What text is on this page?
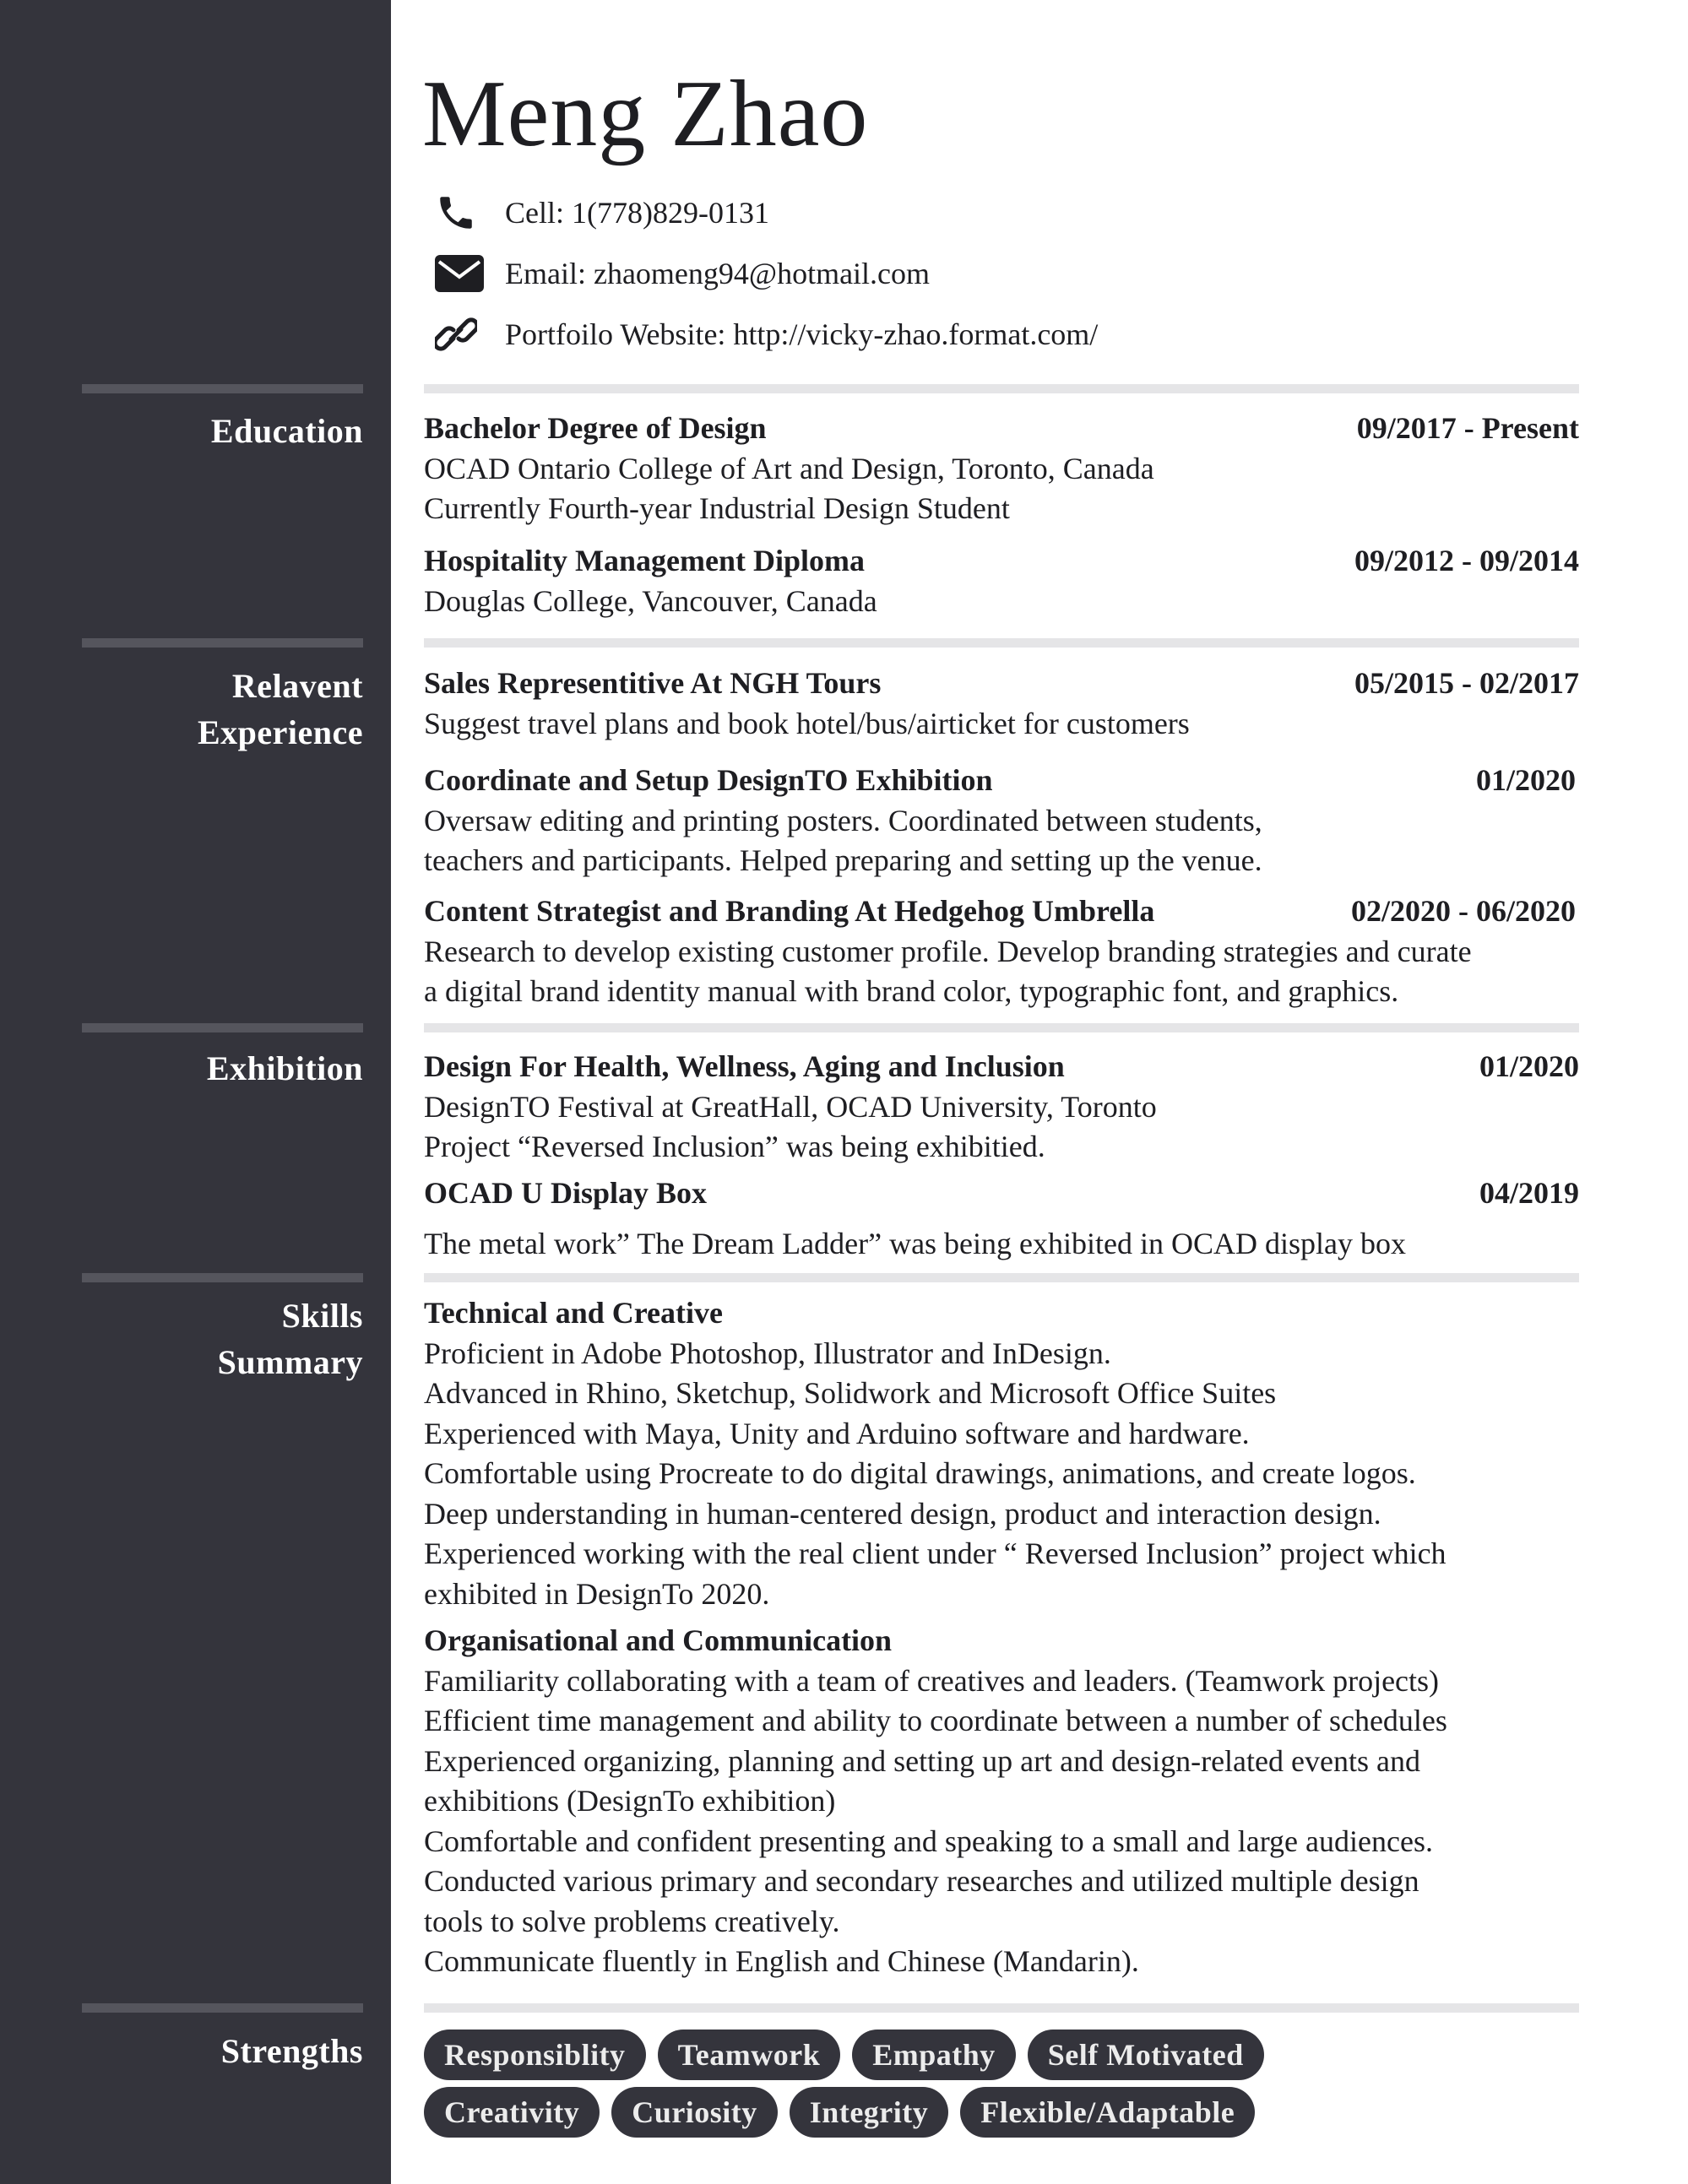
Meng Zhao
Cell: 1(778)829-0131
Email: zhaomeng94@hotmail.com
Portfoilo Website: http://vicky-zhao.format.com/
Education
Relavent
Experience
Exhibition
Skills
Summary
Strengths
Bachelor Degree of Design	09/2017 - Present
OCAD Ontario College of Art and Design, Toronto, Canada
Currently Fourth-year Industrial Design Student
Hospitality Management Diploma	09/2012 - 09/2014
Douglas College, Vancouver, Canada
Sales Representitive At NGH Tours	05/2015 - 02/2017
Suggest travel plans and book hotel/bus/airticket for customers
Coordinate and Setup DesignTO Exhibition	01/2020
Oversaw editing and printing posters. Coordinated between students,
teachers and participants. Helped preparing and setting up the venue.
Content Strategist and Branding At Hedgehog Umbrella	02/2020 - 06/2020
Research to develop existing customer profile. Develop branding strategies and curate
a digital brand identity manual with brand color, typographic font, and graphics.
Design For Health, Wellness, Aging and Inclusion	01/2020
DesignTO Festival at GreatHall, OCAD University, Toronto
Project “Reversed Inclusion” was being exhibitied.
OCAD U Display Box	04/2019
The metal work” The Dream Ladder” was being exhibited in OCAD display box
Technical and Creative
Proficient in Adobe Photoshop, Illustrator and InDesign.
Advanced in Rhino, Sketchup, Solidwork and Microsoft Office Suites
Experienced with Maya, Unity and Arduino software and hardware.
Comfortable using Procreate to do digital drawings, animations, and create logos.
Deep understanding in human-centered design, product and interaction design.
Experienced working with the real client under “ Reversed Inclusion” project which
exhibited in DesignTo 2020.
Organisational and Communication
Familiarity collaborating with a team of creatives and leaders. (Teamwork projects)
Efficient time management and ability to coordinate between a number of schedules
Experienced organizing, planning and setting up art and design-related events and
exhibitions (DesignTo exhibition)
Comfortable and confident presenting and speaking to a small and large audiences.
Conducted various primary and secondary researches and utilized multiple design
tools to solve problems creatively.
Communicate fluently in English and Chinese (Mandarin).
Responsiblity	Teamwork	Empathy	Self Motivated
Creativity	Curiosity	Integrity	Flexible/Adaptable
